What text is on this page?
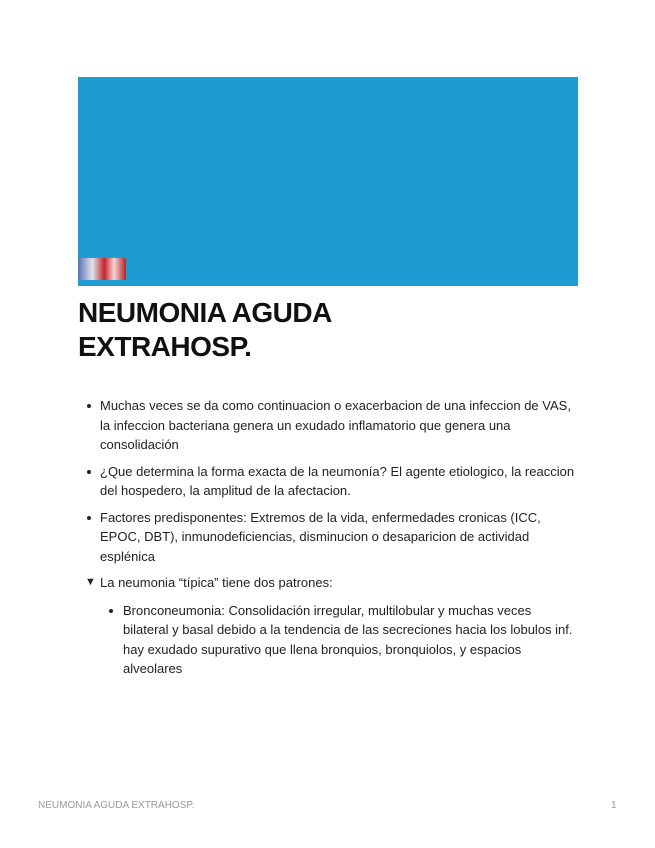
NEUMONIA AGUDA
EXTRAHOSP.
Muchas veces se da como continuacion o exacerbacion de una infeccion de VAS, la infeccion bacteriana genera un exudado inflamatorio que genera una consolidación
¿Que determina la forma exacta de la neumonía? El agente etiologico, la reaccion del hospedero, la amplitud de la afectacion.
Factores predisponentes: Extremos de la vida, enfermedades cronicas (ICC, EPOC, DBT), inmunodeficiencias, disminucion o desaparicion de actividad esplénica
▼ La neumonia “típica” tiene dos patrones:
Bronconeumonia: Consolidación irregular, multilobular y muchas veces bilateral y basal debido a la tendencia de las secreciones hacia los lobulos inf. hay exudado supurativo que llena bronquios, bronquiolos, y espacios alveolares
NEUMONIA AGUDA EXTRAHOSP.	1
